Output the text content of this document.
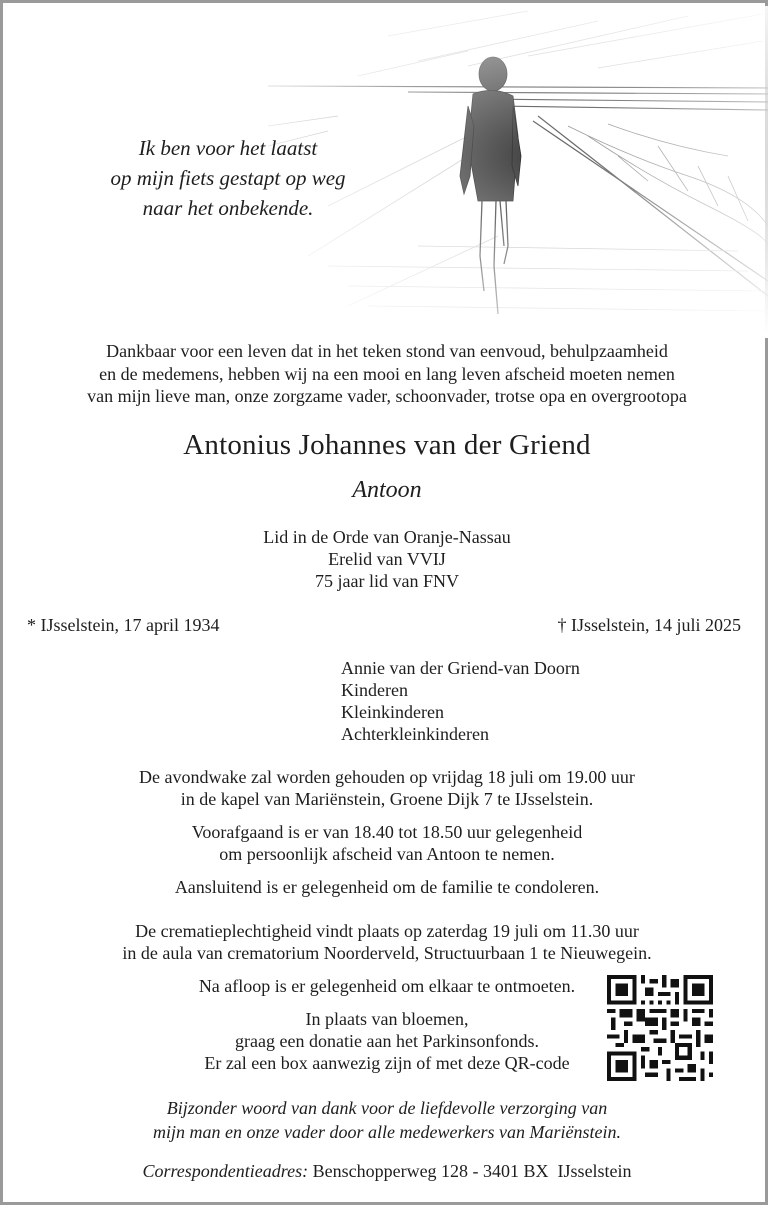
Ik ben voor het laatst
op mijn fiets gestapt op weg
naar het onbekende.
Dankbaar voor een leven dat in het teken stond van eenvoud, behulpzaamheid
en de medemens, hebben wij na een mooi en lang leven afscheid moeten nemen
van mijn lieve man, onze zorgzame vader, schoonvader, trotse opa en overgrootopa
Antonius Johannes van der Griend
Antoon
Lid in de Orde van Oranje-Nassau
Erelid van VVIJ
75 jaar lid van FNV
* IJsselstein, 17 april 1934	† IJsselstein, 14 juli 2025
Annie van der Griend-van Doorn
Kinderen
Kleinkinderen
Achterkleinkinderen
De avondwake zal worden gehouden op vrijdag 18 juli om 19.00 uur
in de kapel van Mariënstein, Groene Dijk 7 te IJsselstein.
Voorafgaand is er van 18.40 tot 18.50 uur gelegenheid
om persoonlijk afscheid van Antoon te nemen.
Aansluitend is er gelegenheid om de familie te condoleren.
De crematieplechtigheid vindt plaats op zaterdag 19 juli om 11.30 uur
in de aula van crematorium Noorderveld, Structuurbaan 1 te Nieuwegein.
Na afloop is er gelegenheid om elkaar te ontmoeten.
In plaats van bloemen,
graag een donatie aan het Parkinsonfonds.
Er zal een box aanwezig zijn of met deze QR-code
Bijzonder woord van dank voor de liefdevolle verzorging van
mijn man en onze vader door alle medewerkers van Mariënstein.
Correspondentieadres: Benschopperweg 128 - 3401 BX  IJsselstein
